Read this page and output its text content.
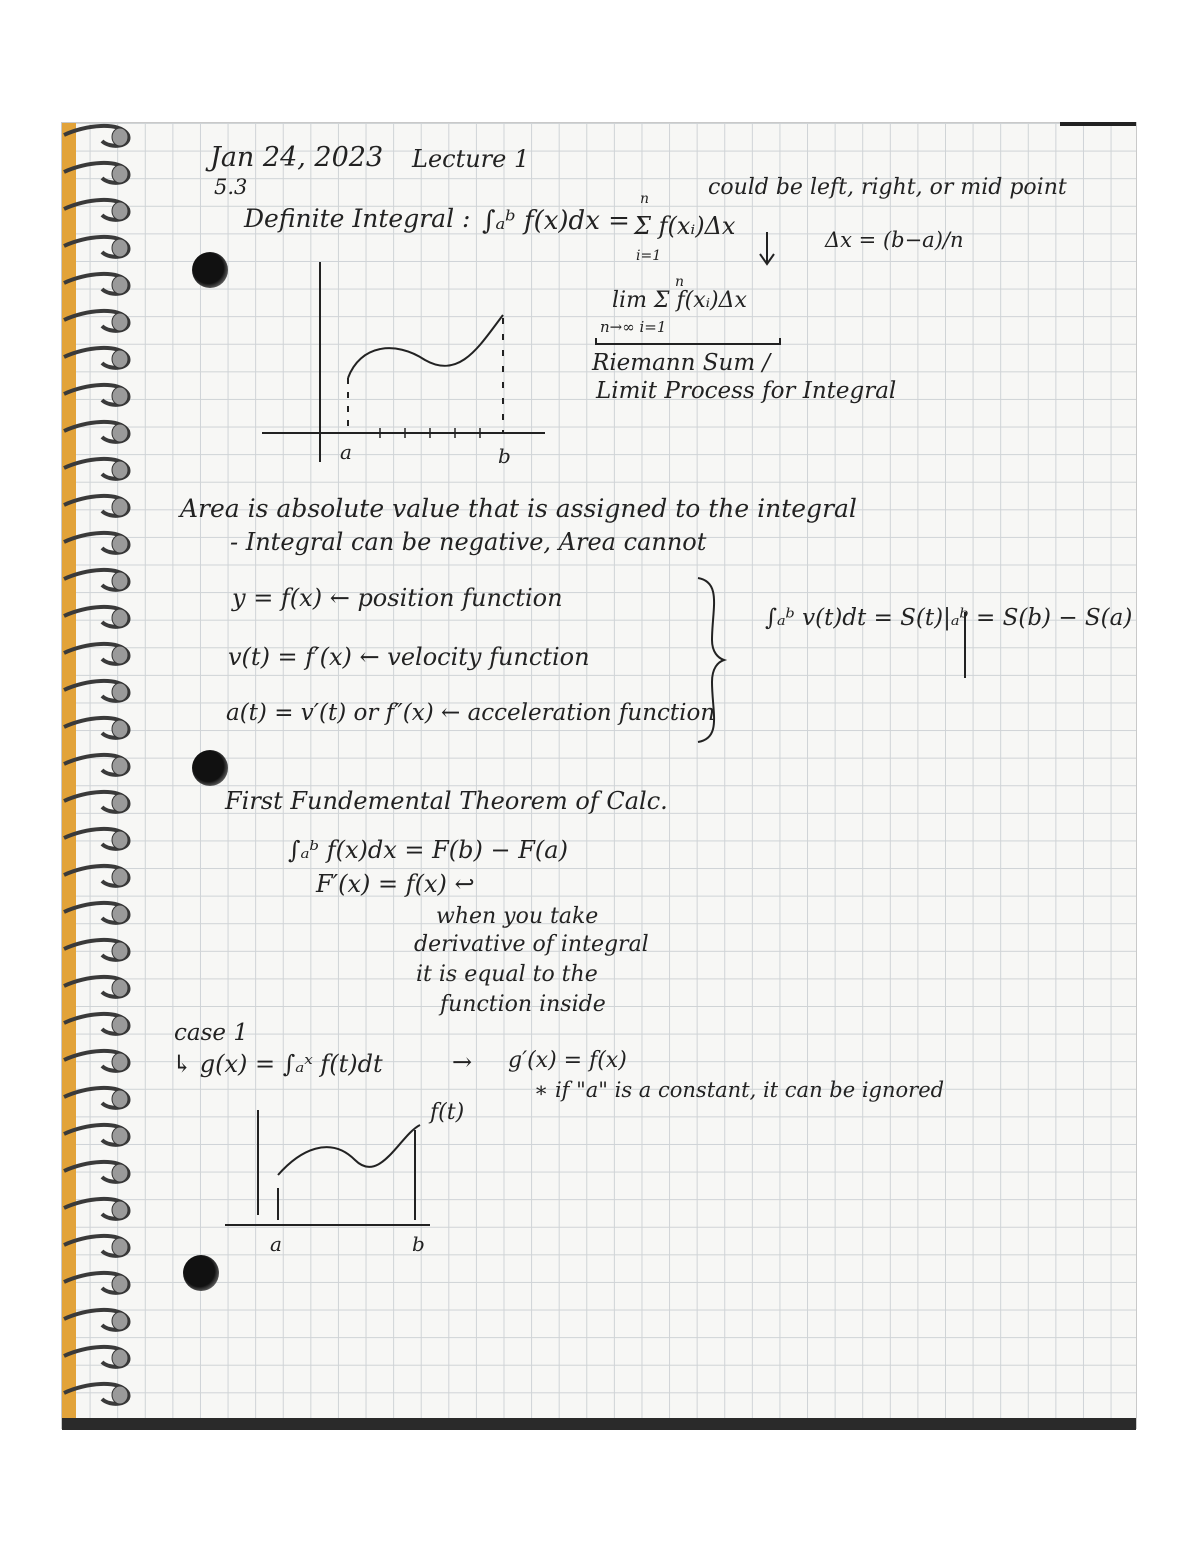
Jan 24, 2023 Lecture 1
5.3
Definite Integral : ∫ₐᵇ f(x)dx =
n
Σ f(xᵢ)Δx
i=1
could be left, right, or mid point
Δx = (b−a)/n
n
lim Σ f(xᵢ)Δx
n→∞ i=1
Riemann Sum /
Limit Process for Integral
a	b
Area is absolute value that is assigned to the integral
- Integral can be negative, Area cannot
y = f(x) ← position function
v(t) = f′(x) ← velocity function
a(t) = v′(t) or f″(x) ← acceleration function
∫ₐᵇ v(t)dt = S(t)|ₐᵇ = S(b) − S(a)
First Fundemental Theorem of Calc.
∫ₐᵇ f(x)dx = F(b) − F(a)
F′(x) = f(x) ↩
when you take
derivative of integral
it is equal to the
function inside
case 1
↳ g(x) = ∫ₐˣ f(t)dt	→ g′(x) = f(x)
∗ if "a" is a constant, it can be ignored
f(t)
a	b
